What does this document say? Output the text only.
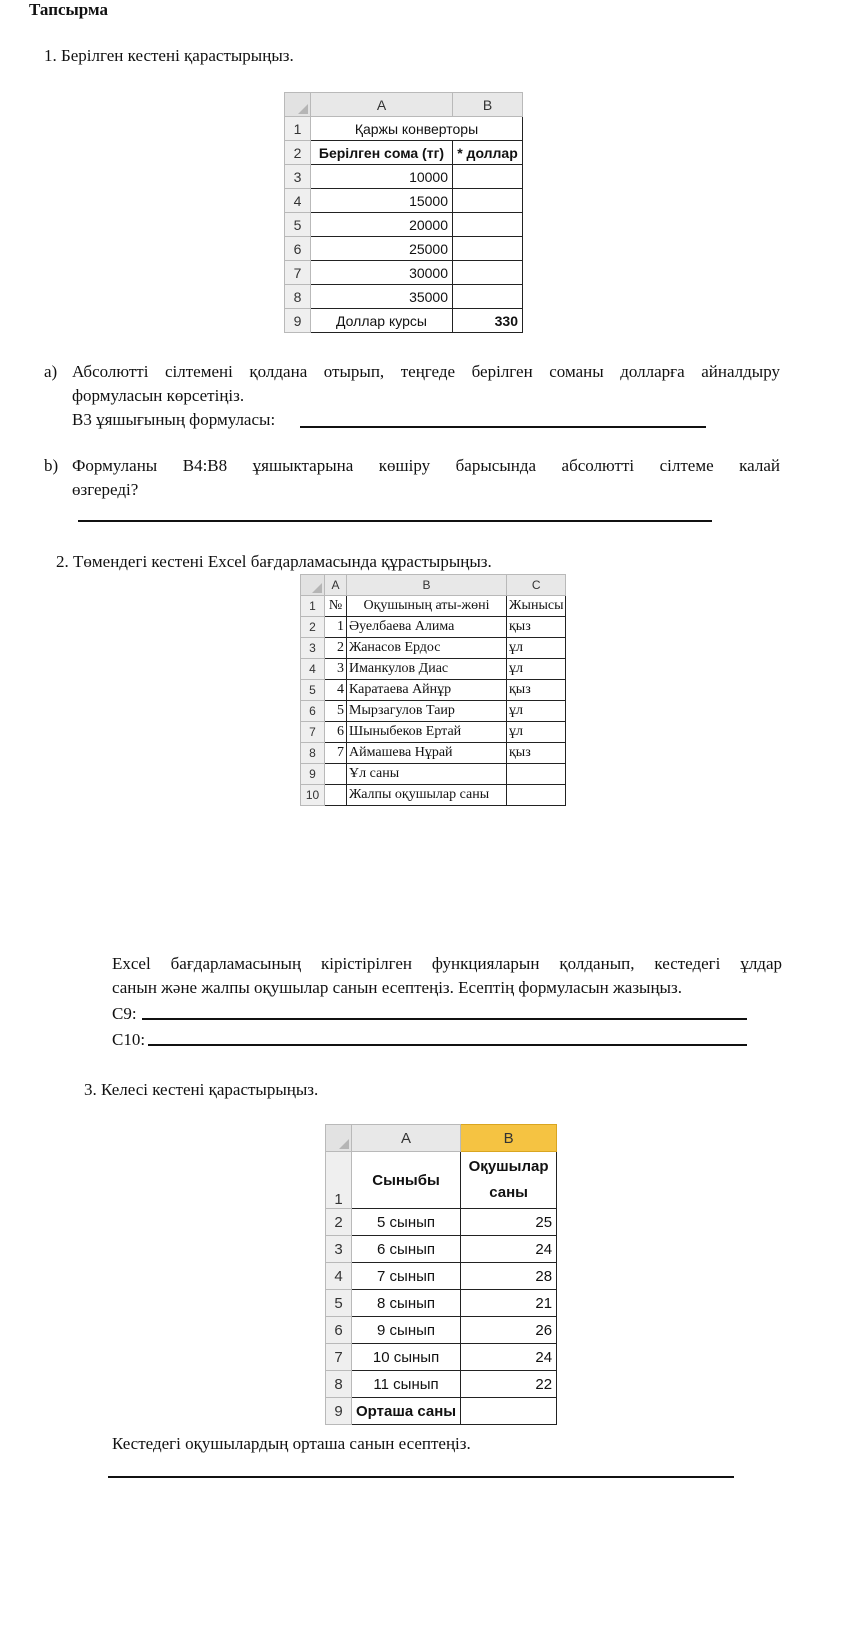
Тапсырма
1. Берілген кестені қарастырыңыз.
	A	B
1	Қаржы конверторы	
2	Берілген сома (тг)	* доллар
3	10000	
4	15000	
5	20000	
6	25000	
7	30000	
8	35000	
9	Доллар курсы	330
a) Абсолютті сілтемені қолдана отырып, теңгеде берілген соманы долларға айналдыру
формуласын көрсетіңіз.
В3 ұяшығының формуласы:
b) Формуланы В4:В8 ұяшыктарына көшіру барысында абсолютті сілтеме калай
өзгереді?
2. Төмендегі кестені Excel бағдарламасында құрастырыңыз.
	A	B	C
1	№	Оқушының аты-жөні	Жынысы
2	1	Әуелбаева Алима	қыз
3	2	Жанасов Ердос	ұл
4	3	Иманкулов Диас	ұл
5	4	Каратаева Айнұр	қыз
6	5	Мырзагулов Таир	ұл
7	6	Шыныбеков Ертай	ұл
8	7	Аймашева Нұрай	қыз
9		Ұл саны	
10		Жалпы оқушылар саны	
Excel бағдарламасының кірістірілген функцияларын қолданып, кестедегі ұлдар
санын және жалпы оқушылар санын есептеңіз. Есептің формуласын жазыңыз.
С9:
С10:
3. Келесі кестені қарастырыңыз.
	A	B
1	Сыныбы	Оқушылар
саны

2	5 сынып	25
3	6 сынып	24
4	7 сынып	28
5	8 сынып	21
6	9 сынып	26
7	10 сынып	24
8	11 сынып	22
9	Орташа саны	
Кестедегі оқушылардың орташа санын есептеңіз.
